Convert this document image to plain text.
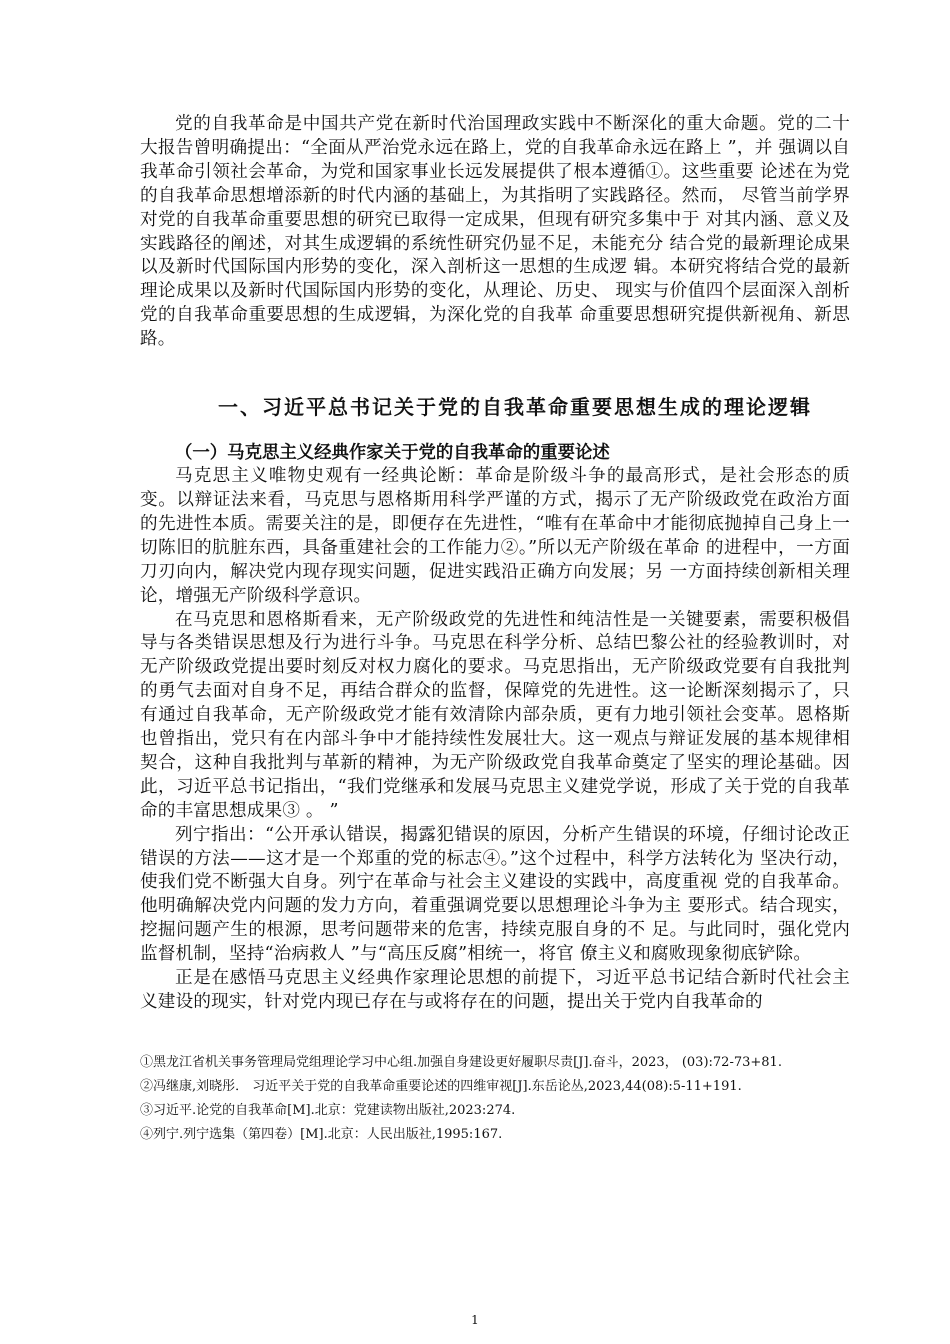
党的自我革命是中国共产党在新时代治国理政实践中不断深化的重大命题。党的二十大报告曾明确提出：“全面从严治党永远在路上，党的自我革命永远在路上 ”，并 强调以自我革命引领社会革命，为党和国家事业长远发展提供了根本遵循①。这些重要 论述在为党的自我革命思想增添新的时代内涵的基础上，为其指明了实践路径。然而， 尽管当前学界对党的自我革命重要思想的研究已取得一定成果，但现有研究多集中于 对其内涵、意义及实践路径的阐述，对其生成逻辑的系统性研究仍显不足，未能充分 结合党的最新理论成果以及新时代国际国内形势的变化，深入剖析这一思想的生成逻 辑。本研究将结合党的最新理论成果以及新时代国际国内形势的变化，从理论、历史、 现实与价值四个层面深入剖析党的自我革命重要思想的生成逻辑，为深化党的自我革 命重要思想研究提供新视角、新思路。

一、习近平总书记关于党的自我革命重要思想生成的理论逻辑
（一）马克思主义经典作家关于党的自我革命的重要论述

马克思主义唯物史观有一经典论断：革命是阶级斗争的最高形式，是社会形态的质变。以辩证法来看，马克思与恩格斯用科学严谨的方式，揭示了无产阶级政党在政治方面的先进性本质。需要关注的是，即便存在先进性，“唯有在革命中才能彻底抛掉自己身上一切陈旧的肮脏东西，具备重建社会的工作能力②。”所以无产阶级在革命 的进程中，一方面刀刃向内，解决党内现存现实问题，促进实践沿正确方向发展；另 一方面持续创新相关理论，增强无产阶级科学意识。

在马克思和恩格斯看来，无产阶级政党的先进性和纯洁性是一关键要素，需要积极倡导与各类错误思想及行为进行斗争。马克思在科学分析、总结巴黎公社的经验教训时，对无产阶级政党提出要时刻反对权力腐化的要求。马克思指出，无产阶级政党要有自我批判的勇气去面对自身不足，再结合群众的监督，保障党的先进性。这一论断深刻揭示了，只有通过自我革命，无产阶级政党才能有效清除内部杂质，更有力地引领社会变革。恩格斯也曾指出，党只有在内部斗争中才能持续性发展壮大。这一观点与辩证发展的基本规律相契合，这种自我批判与革新的精神，为无产阶级政党自我革命奠定了坚实的理论基础。因此，习近平总书记指出，“我们党继承和发展马克思主义建党学说，形成了关于党的自我革命的丰富思想成果③ 。 ”

列宁指出：“公开承认错误，揭露犯错误的原因，分析产生错误的环境，仔细讨论改正错误的方法——这才是一个郑重的党的标志④。”这个过程中，科学方法转化为 坚决行动，使我们党不断强大自身。列宁在革命与社会主义建设的实践中，高度重视 党的自我革命。他明确解决党内问题的发力方向，着重强调党要以思想理论斗争为主 要形式。结合现实，挖掘问题产生的根源，思考问题带来的危害，持续克服自身的不 足。与此同时，强化党内监督机制，坚持“治病救人 ”与“高压反腐”相统一，将官 僚主义和腐败现象彻底铲除。

正是在感悟马克思主义经典作家理论思想的前提下，习近平总书记结合新时代社会主义建设的现实，针对党内现已存在与或将存在的问题，提出关于党内自我革命的

①黑龙江省机关事务管理局党组理论学习中心组.加强自身建设更好履职尽责[J].奋斗，2023， (03):72-73+81.

②冯继康,刘晓彤． 习近平关于党的自我革命重要论述的四维审视[J].东岳论丛,2023,44(08):5-11+191.

③习近平.论党的自我革命[M].北京：党建读物出版社,2023:274.

④列宁.列宁选集（第四卷）[M].北京：人民出版社,1995:167.

1
